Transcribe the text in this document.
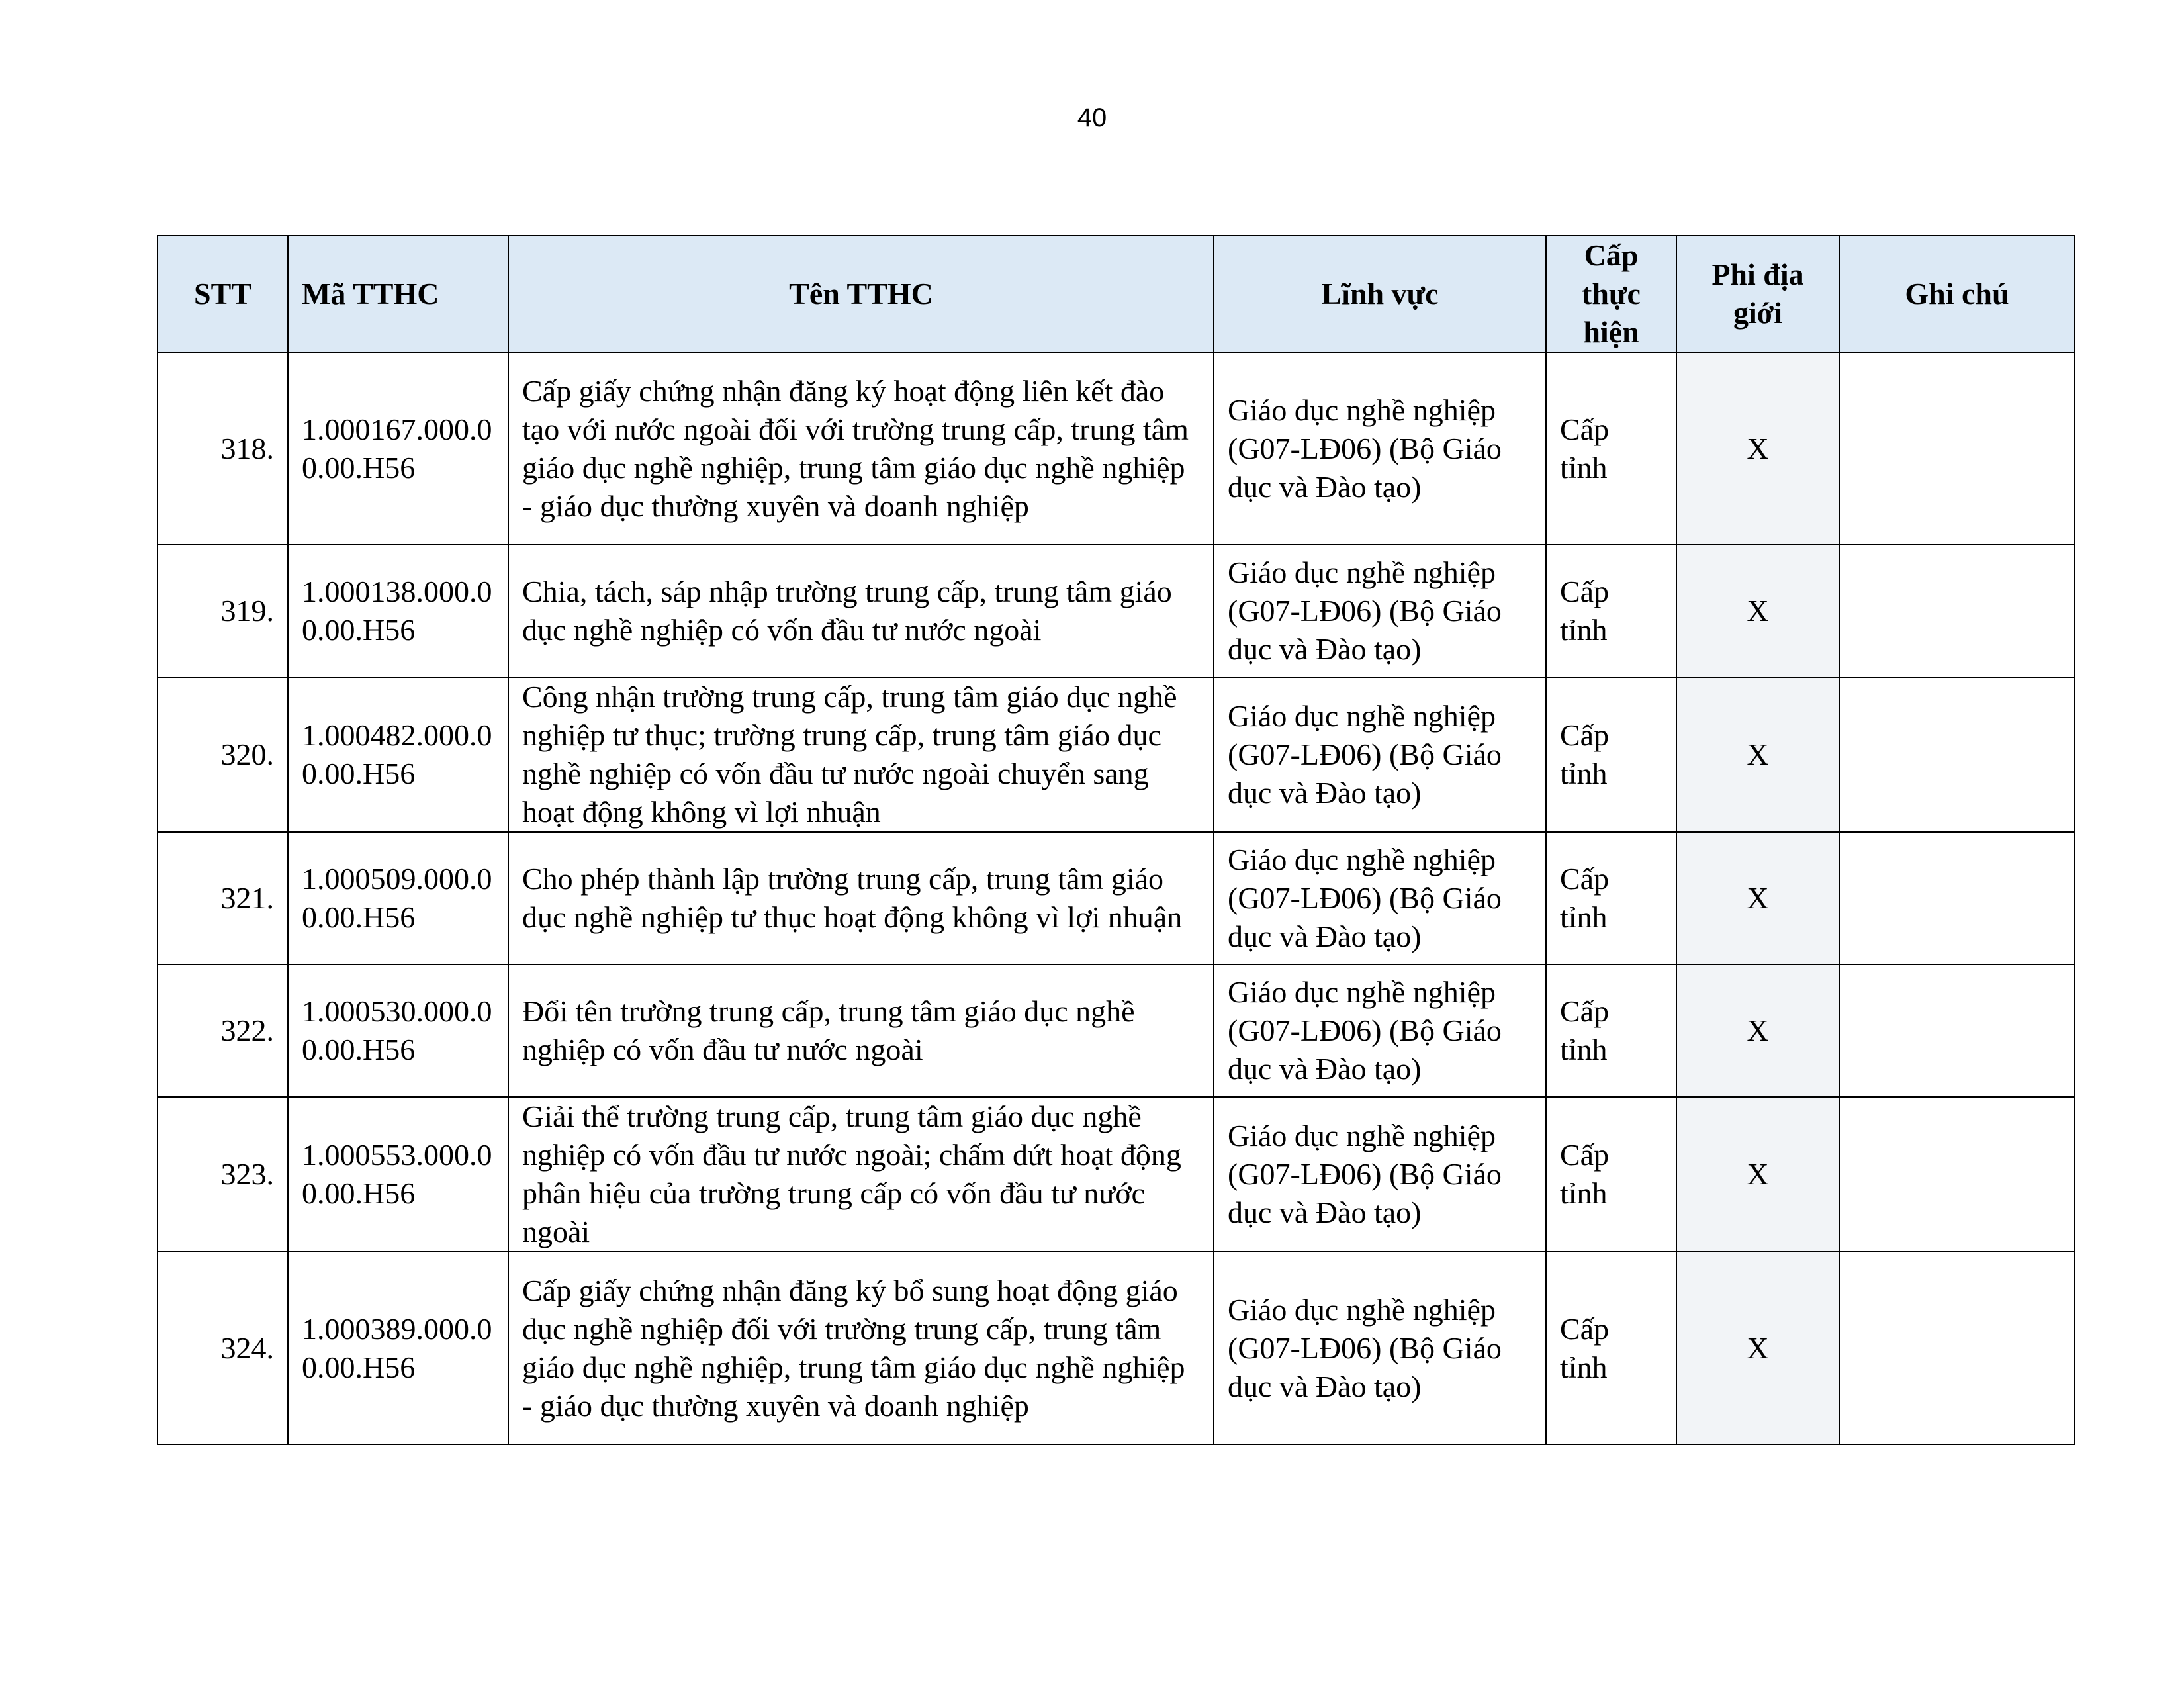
40
STT	Mã TTHC	Tên TTHC	Lĩnh vực	Cấp thực hiện	Phi địa giới	Ghi chú
318.	1.000167.000.00.00.H56	Cấp giấy chứng nhận đăng ký hoạt động liên kết đào tạo với nước ngoài đối với trường trung cấp, trung tâm giáo dục nghề nghiệp, trung tâm giáo dục nghề nghiệp - giáo dục thường xuyên và doanh nghiệp	Giáo dục nghề nghiệp (G07-LĐ06) (Bộ Giáo dục và Đào tạo)	Cấp tỉnh	X	
319.	1.000138.000.00.00.H56	Chia, tách, sáp nhập trường trung cấp, trung tâm giáo dục nghề nghiệp có vốn đầu tư nước ngoài	Giáo dục nghề nghiệp (G07-LĐ06) (Bộ Giáo dục và Đào tạo)	Cấp tỉnh	X	
320.	1.000482.000.00.00.H56	Công nhận trường trung cấp, trung tâm giáo dục nghề nghiệp tư thục; trường trung cấp, trung tâm giáo dục nghề nghiệp có vốn đầu tư nước ngoài chuyển sang hoạt động không vì lợi nhuận	Giáo dục nghề nghiệp (G07-LĐ06) (Bộ Giáo dục và Đào tạo)	Cấp tỉnh	X	
321.	1.000509.000.00.00.H56	Cho phép thành lập trường trung cấp, trung tâm giáo dục nghề nghiệp tư thục hoạt động không vì lợi nhuận	Giáo dục nghề nghiệp (G07-LĐ06) (Bộ Giáo dục và Đào tạo)	Cấp tỉnh	X	
322.	1.000530.000.00.00.H56	Đổi tên trường trung cấp, trung tâm giáo dục nghề nghiệp có vốn đầu tư nước ngoài	Giáo dục nghề nghiệp (G07-LĐ06) (Bộ Giáo dục và Đào tạo)	Cấp tỉnh	X	
323.	1.000553.000.00.00.H56	Giải thể trường trung cấp, trung tâm giáo dục nghề nghiệp có vốn đầu tư nước ngoài; chấm dứt hoạt động phân hiệu của trường trung cấp có vốn đầu tư nước ngoài	Giáo dục nghề nghiệp (G07-LĐ06) (Bộ Giáo dục và Đào tạo)	Cấp tỉnh	X	
324.	1.000389.000.00.00.H56	Cấp giấy chứng nhận đăng ký bổ sung hoạt động giáo dục nghề nghiệp đối với trường trung cấp, trung tâm giáo dục nghề nghiệp, trung tâm giáo dục nghề nghiệp - giáo dục thường xuyên và doanh nghiệp	Giáo dục nghề nghiệp (G07-LĐ06) (Bộ Giáo dục và Đào tạo)	Cấp tỉnh	X	
